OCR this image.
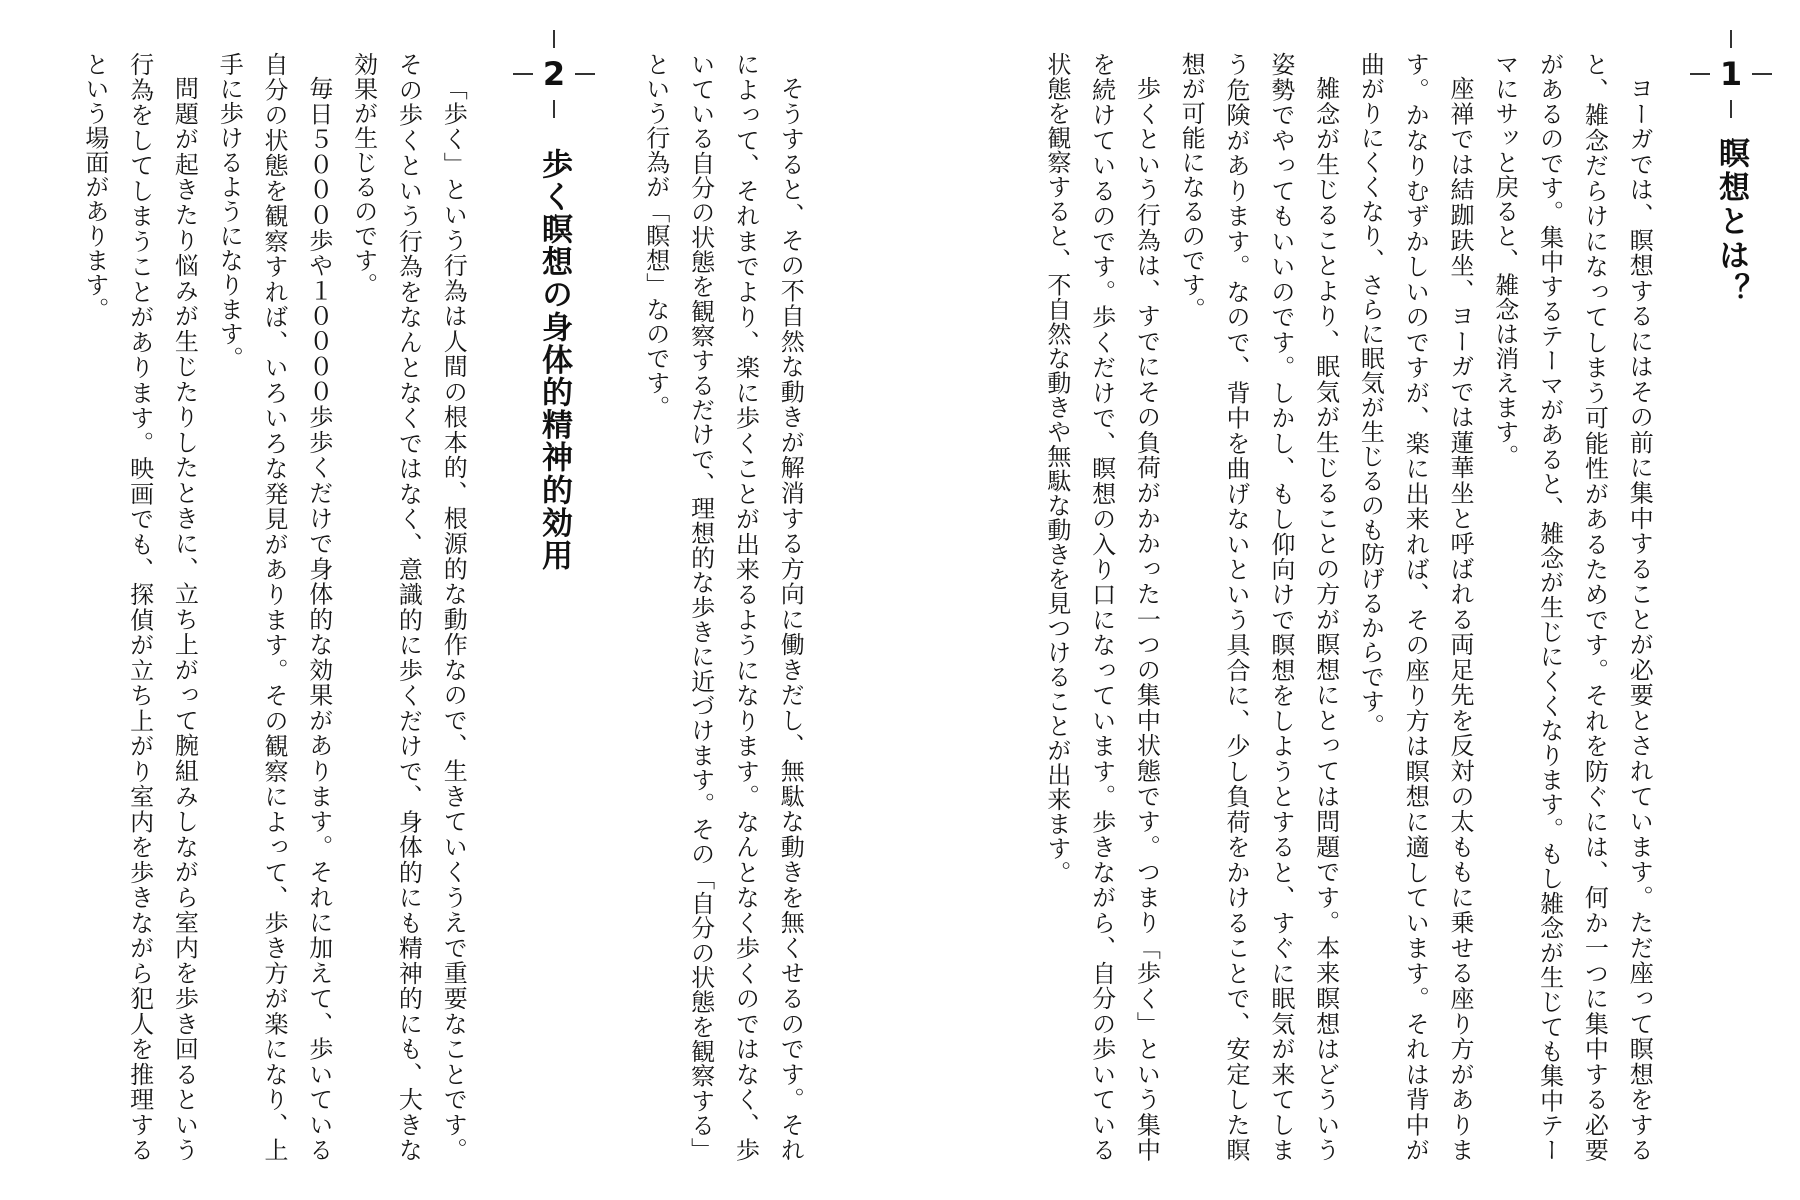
1
瞑想とは？
ヨーガでは、瞑想するにはその前に集中することが必要とされています。ただ座って瞑想をする
と、雑念だらけになってしまう可能性があるためです。それを防ぐには、何か一つに集中する必要
があるのです。集中するテーマがあると、雑念が生じにくくなります。もし雑念が生じても集中テー
マにサッと戻ると、雑念は消えます。
座禅では結跏趺坐、ヨーガでは蓮華坐と呼ばれる両足先を反対の太ももに乗せる座り方がありま
す。かなりむずかしいのですが、楽に出来れば、その座り方は瞑想に適しています。それは背中が
曲がりにくくなり、さらに眠気が生じるのも防げるからです。
雑念が生じることより、眠気が生じることの方が瞑想にとっては問題です。本来瞑想はどういう
姿勢でやってもいいのです。しかし、もし仰向けで瞑想をしようとすると、すぐに眠気が来てしま
う危険があります。なので、背中を曲げないという具合に、少し負荷をかけることで、安定した瞑
想が可能になるのです。
歩くという行為は、すでにその負荷がかかった一つの集中状態です。つまり「歩く」という集中
を続けているのです。歩くだけで、瞑想の入り口になっています。歩きながら、自分の歩いている
状態を観察すると、不自然な動きや無駄な動きを見つけることが出来ます。
そうすると、その不自然な動きが解消する方向に働きだし、無駄な動きを無くせるのです。それ
によって、それまでより、楽に歩くことが出来るようになります。なんとなく歩くのではなく、歩
いている自分の状態を観察するだけで、理想的な歩きに近づけます。その「自分の状態を観察する」
という行為が「瞑想」なのです。
2
歩く瞑想の身体的精神的効用
「歩く」という行為は人間の根本的、根源的な動作なので、生きていくうえで重要なことです。
その歩くという行為をなんとなくではなく、意識的に歩くだけで、身体的にも精神的にも、大きな
効果が生じるのです。
毎日５０００歩や１００００歩歩くだけで身体的な効果があります。それに加えて、歩いている
自分の状態を観察すれば、いろいろな発見があります。その観察によって、歩き方が楽になり、上
手に歩けるようになります。
問題が起きたり悩みが生じたりしたときに、立ち上がって腕組みしながら室内を歩き回るという
行為をしてしまうことがあります。映画でも、探偵が立ち上がり室内を歩きながら犯人を推理する
という場面があります。
